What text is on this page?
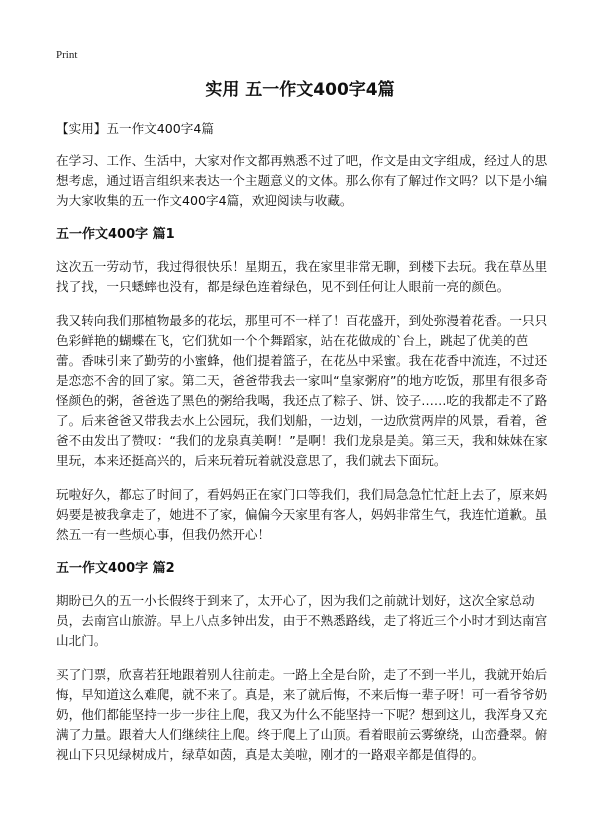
Print
实用 五一作文400字4篇

【实用】五一作文400字4篇

在学习、工作、生活中，大家对作文都再熟悉不过了吧，作文是由文字组成，经过人的思想考虑，通过语言组织来表达一个主题意义的文体。那么你有了解过作文吗？以下是小编为大家收集的五一作文400字4篇，欢迎阅读与收藏。

五一作文400字 篇1

这次五一劳动节，我过得很快乐！星期五，我在家里非常无聊，到楼下去玩。我在草丛里找了找，一只蟋蟀也没有，都是绿色连着绿色，见不到任何让人眼前一亮的颜色。

我又转向我们那植物最多的花坛，那里可不一样了！百花盛开，到处弥漫着花香。一只只色彩鲜艳的蝴蝶在飞，它们犹如一个个舞蹈家，站在花做成的`台上，跳起了优美的芭蕾。香味引来了勤劳的小蜜蜂，他们提着篮子，在花丛中采蜜。我在花香中流连，不过还是恋恋不舍的回了家。第二天，爸爸带我去一家叫“皇家粥府”的地方吃饭，那里有很多奇怪颜色的粥，爸爸选了黑色的粥给我喝，我还点了粽子、饼、饺子……吃的我都走不了路了。后来爸爸又带我去水上公园玩，我们划船，一边划，一边欣赏两岸的风景，看着，爸爸不由发出了赞叹：“我们的龙泉真美啊！”是啊！我们龙泉是美。第三天，我和妹妹在家里玩，本来还挺高兴的，后来玩着玩着就没意思了，我们就去下面玩。

玩啦好久，都忘了时间了，看妈妈正在家门口等我们，我们局急急忙忙赶上去了，原来妈妈要是被我拿走了，她进不了家，偏偏今天家里有客人，妈妈非常生气，我连忙道歉。虽然五一有一些烦心事，但我仍然开心！

五一作文400字 篇2

期盼已久的五一小长假终于到来了，太开心了，因为我们之前就计划好，这次全家总动员，去南宫山旅游。早上八点多钟出发，由于不熟悉路线，走了将近三个小时才到达南宫山北门。

买了门票，欣喜若狂地跟着别人往前走。一路上全是台阶，走了不到一半儿，我就开始后悔，早知道这么难爬，就不来了。真是，来了就后悔，不来后悔一辈子呀！可一看爷爷奶奶，他们都能坚持一步一步往上爬，我又为什么不能坚持一下呢？想到这儿，我浑身又充满了力量。跟着大人们继续往上爬。终于爬上了山顶。看着眼前云雾缭绕，山峦叠翠。俯视山下只见绿树成片，绿草如茵，真是太美啦，刚才的一路艰辛都是值得的。
